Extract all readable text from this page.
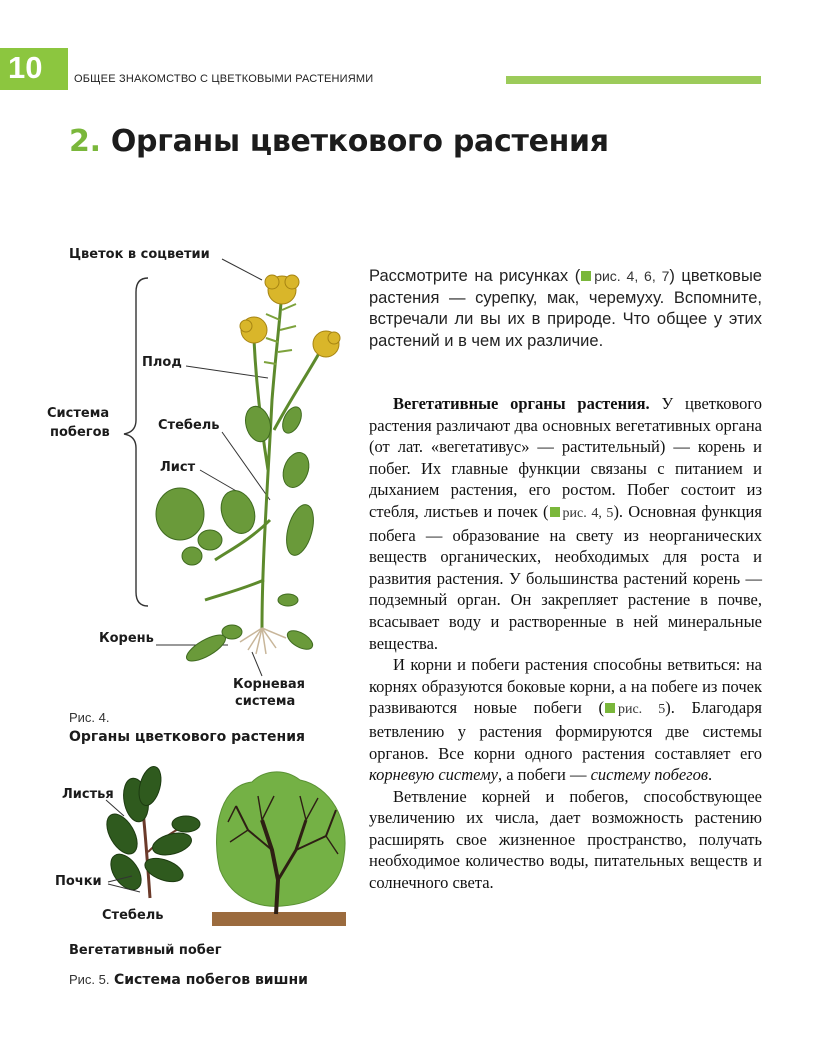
10	ОБЩЕЕ ЗНАКОМСТВО С ЦВЕТКОВЫМИ РАСТЕНИЯМИ
2. Органы цветкового растения
Цветок в соцветии
Плод
Система
побегов	Стебель
Лист
Корень
Корневая
система
Рис. 4.
Органы цветкового растения
Листья
Почки
Стебель
Вегетативный побег
Рис. 5. Система побегов вишни
Рассмотрите на рисунках ( рис. 4, 6, 7) цветковые растения — сурепку, мак, черемуху. Вспомните, встречали ли вы их в природе. Что общее у этих растений и в чем их различие.

Вегетативные органы растения. У цветкового растения различают два основных вегетативных органа (от лат. «вегетативус» — растительный) — корень и побег. Их главные функции связаны с питанием и дыханием растения, его ростом. Побег состоит из стебля, листьев и почек ( рис. 4, 5). Основная функция побега — образование на свету из неорганических веществ органических, необходимых для роста и развития растения. У большинства растений корень — подземный орган. Он закрепляет растение в почве, всасывает воду и растворенные в ней минеральные вещества.

И корни и побеги растения способны ветвиться: на корнях образуются боковые корни, а на побеге из почек развиваются новые побеги ( рис. 5). Благодаря ветвлению у растения формируются две системы органов. Все корни одного растения составляет его корневую систему, а побеги — систему побегов.

Ветвление корней и побегов, способствующее увеличению их числа, дает возможность растению расширять свое жизненное пространство, получать необходимое количество воды, питательных веществ и солнечного света.
